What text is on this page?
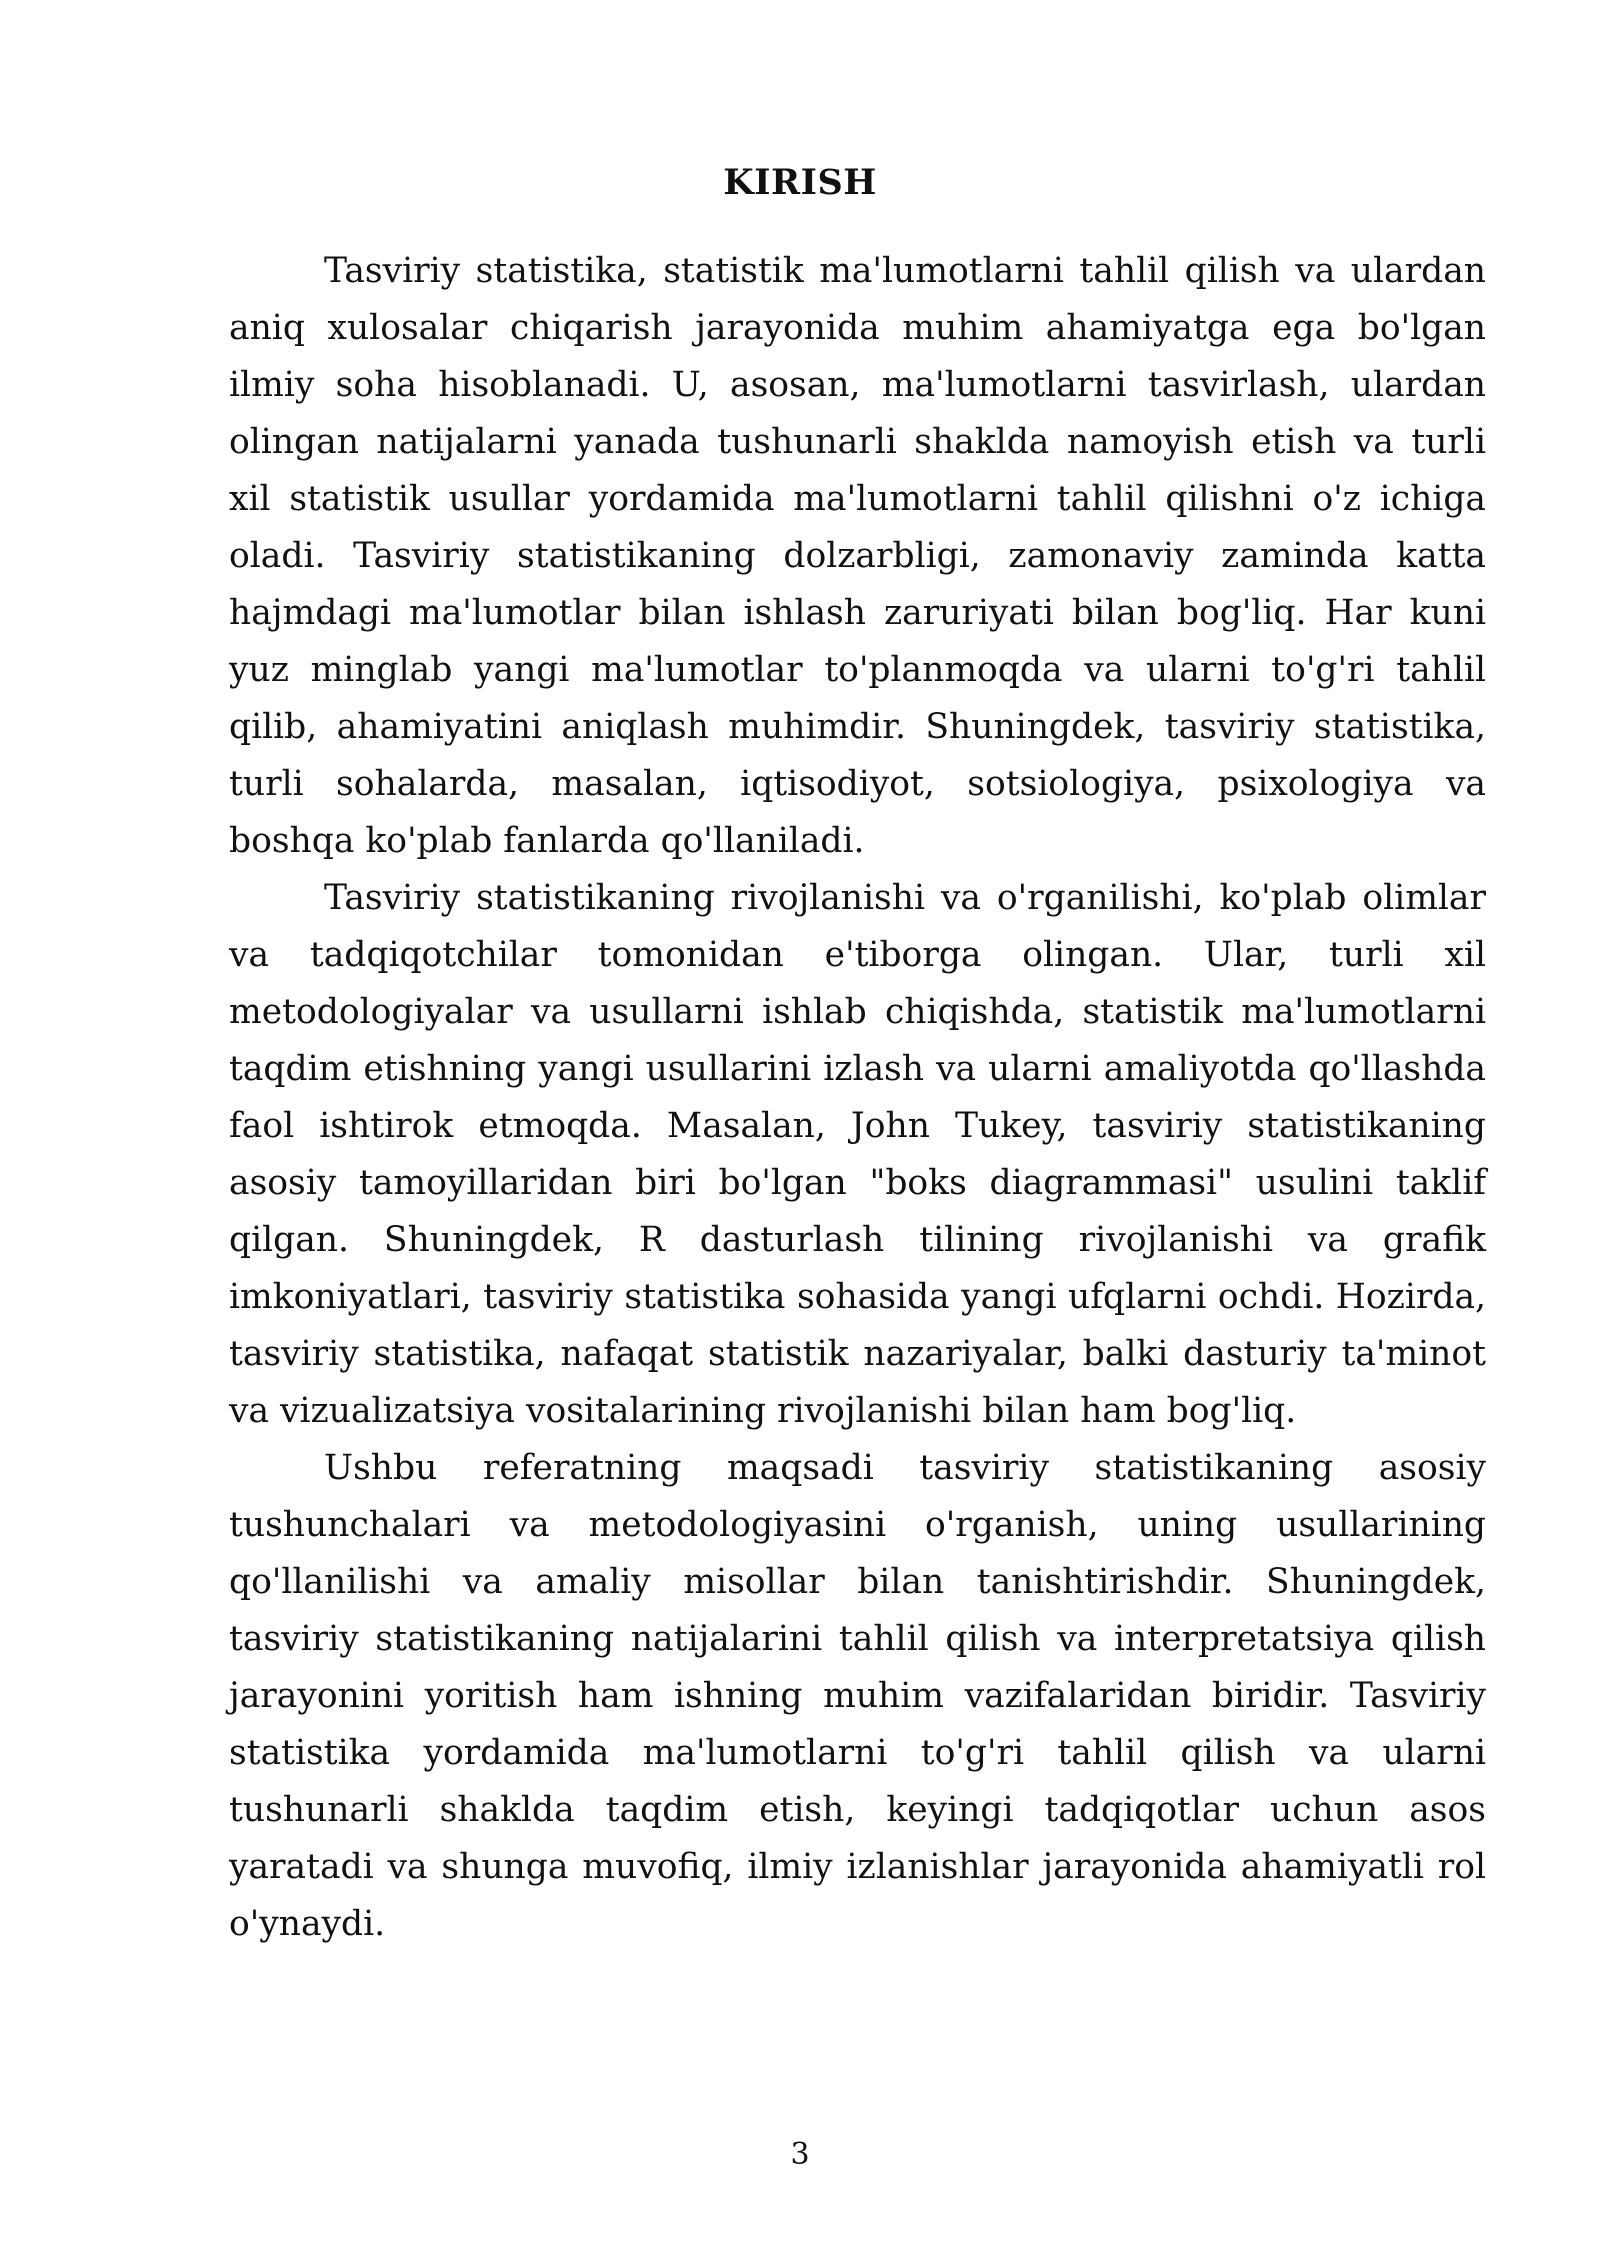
KIRISH

Tasviriy statistika, statistik ma'lumotlarni tahlil qilish va ulardan aniq xulosalar chiqarish jarayonida muhim ahamiyatga ega bo'lgan ilmiy soha hisoblanadi. U, asosan, ma'lumotlarni tasvirlash, ulardan olingan natijalarni yanada tushunarli shaklda namoyish etish va turli xil statistik usullar yordamida ma'lumotlarni tahlil qilishni o'z ichiga oladi. Tasviriy statistikaning dolzarbligi, zamonaviy zaminda katta hajmdagi ma'lumotlar bilan ishlash zaruriyati bilan bog'liq. Har kuni yuz minglab yangi ma'lumotlar to'planmoqda va ularni to'g'ri tahlil qilib, ahamiyatini aniqlash muhimdir. Shuningdek, tasviriy statistika, turli sohalarda, masalan, iqtisodiyot, sotsiologiya, psixologiya va boshqa ko'plab fanlarda qo'llaniladi.

Tasviriy statistikaning rivojlanishi va o'rganilishi, ko'plab olimlar va tadqiqotchilar tomonidan e'tiborga olingan. Ular, turli xil metodologiyalar va usullarni ishlab chiqishda, statistik ma'lumotlarni taqdim etishning yangi usullarini izlash va ularni amaliyotda qo'llashda faol ishtirok etmoqda. Masalan, John Tukey, tasviriy statistikaning asosiy tamoyillaridan biri bo'lgan "boks diagrammasi" usulini taklif qilgan. Shuningdek, R dasturlash tilining rivojlanishi va grafik imkoniyatlari, tasviriy statistika sohasida yangi ufqlarni ochdi. Hozirda, tasviriy statistika, nafaqat statistik nazariyalar, balki dasturiy ta'minot va vizualizatsiya vositalarining rivojlanishi bilan ham bog'liq.

Ushbu referatning maqsadi tasviriy statistikaning asosiy tushunchalari va metodologiyasini o'rganish, uning usullarining qo'llanilishi va amaliy misollar bilan tanishtirishdir. Shuningdek, tasviriy statistikaning natijalarini tahlil qilish va interpretatsiya qilish jarayonini yoritish ham ishning muhim vazifalaridan biridir. Tasviriy statistika yordamida ma'lumotlarni to'g'ri tahlil qilish va ularni tushunarli shaklda taqdim etish, keyingi tadqiqotlar uchun asos yaratadi va shunga muvofiq, ilmiy izlanishlar jarayonida ahamiyatli rol o'ynaydi.

3
